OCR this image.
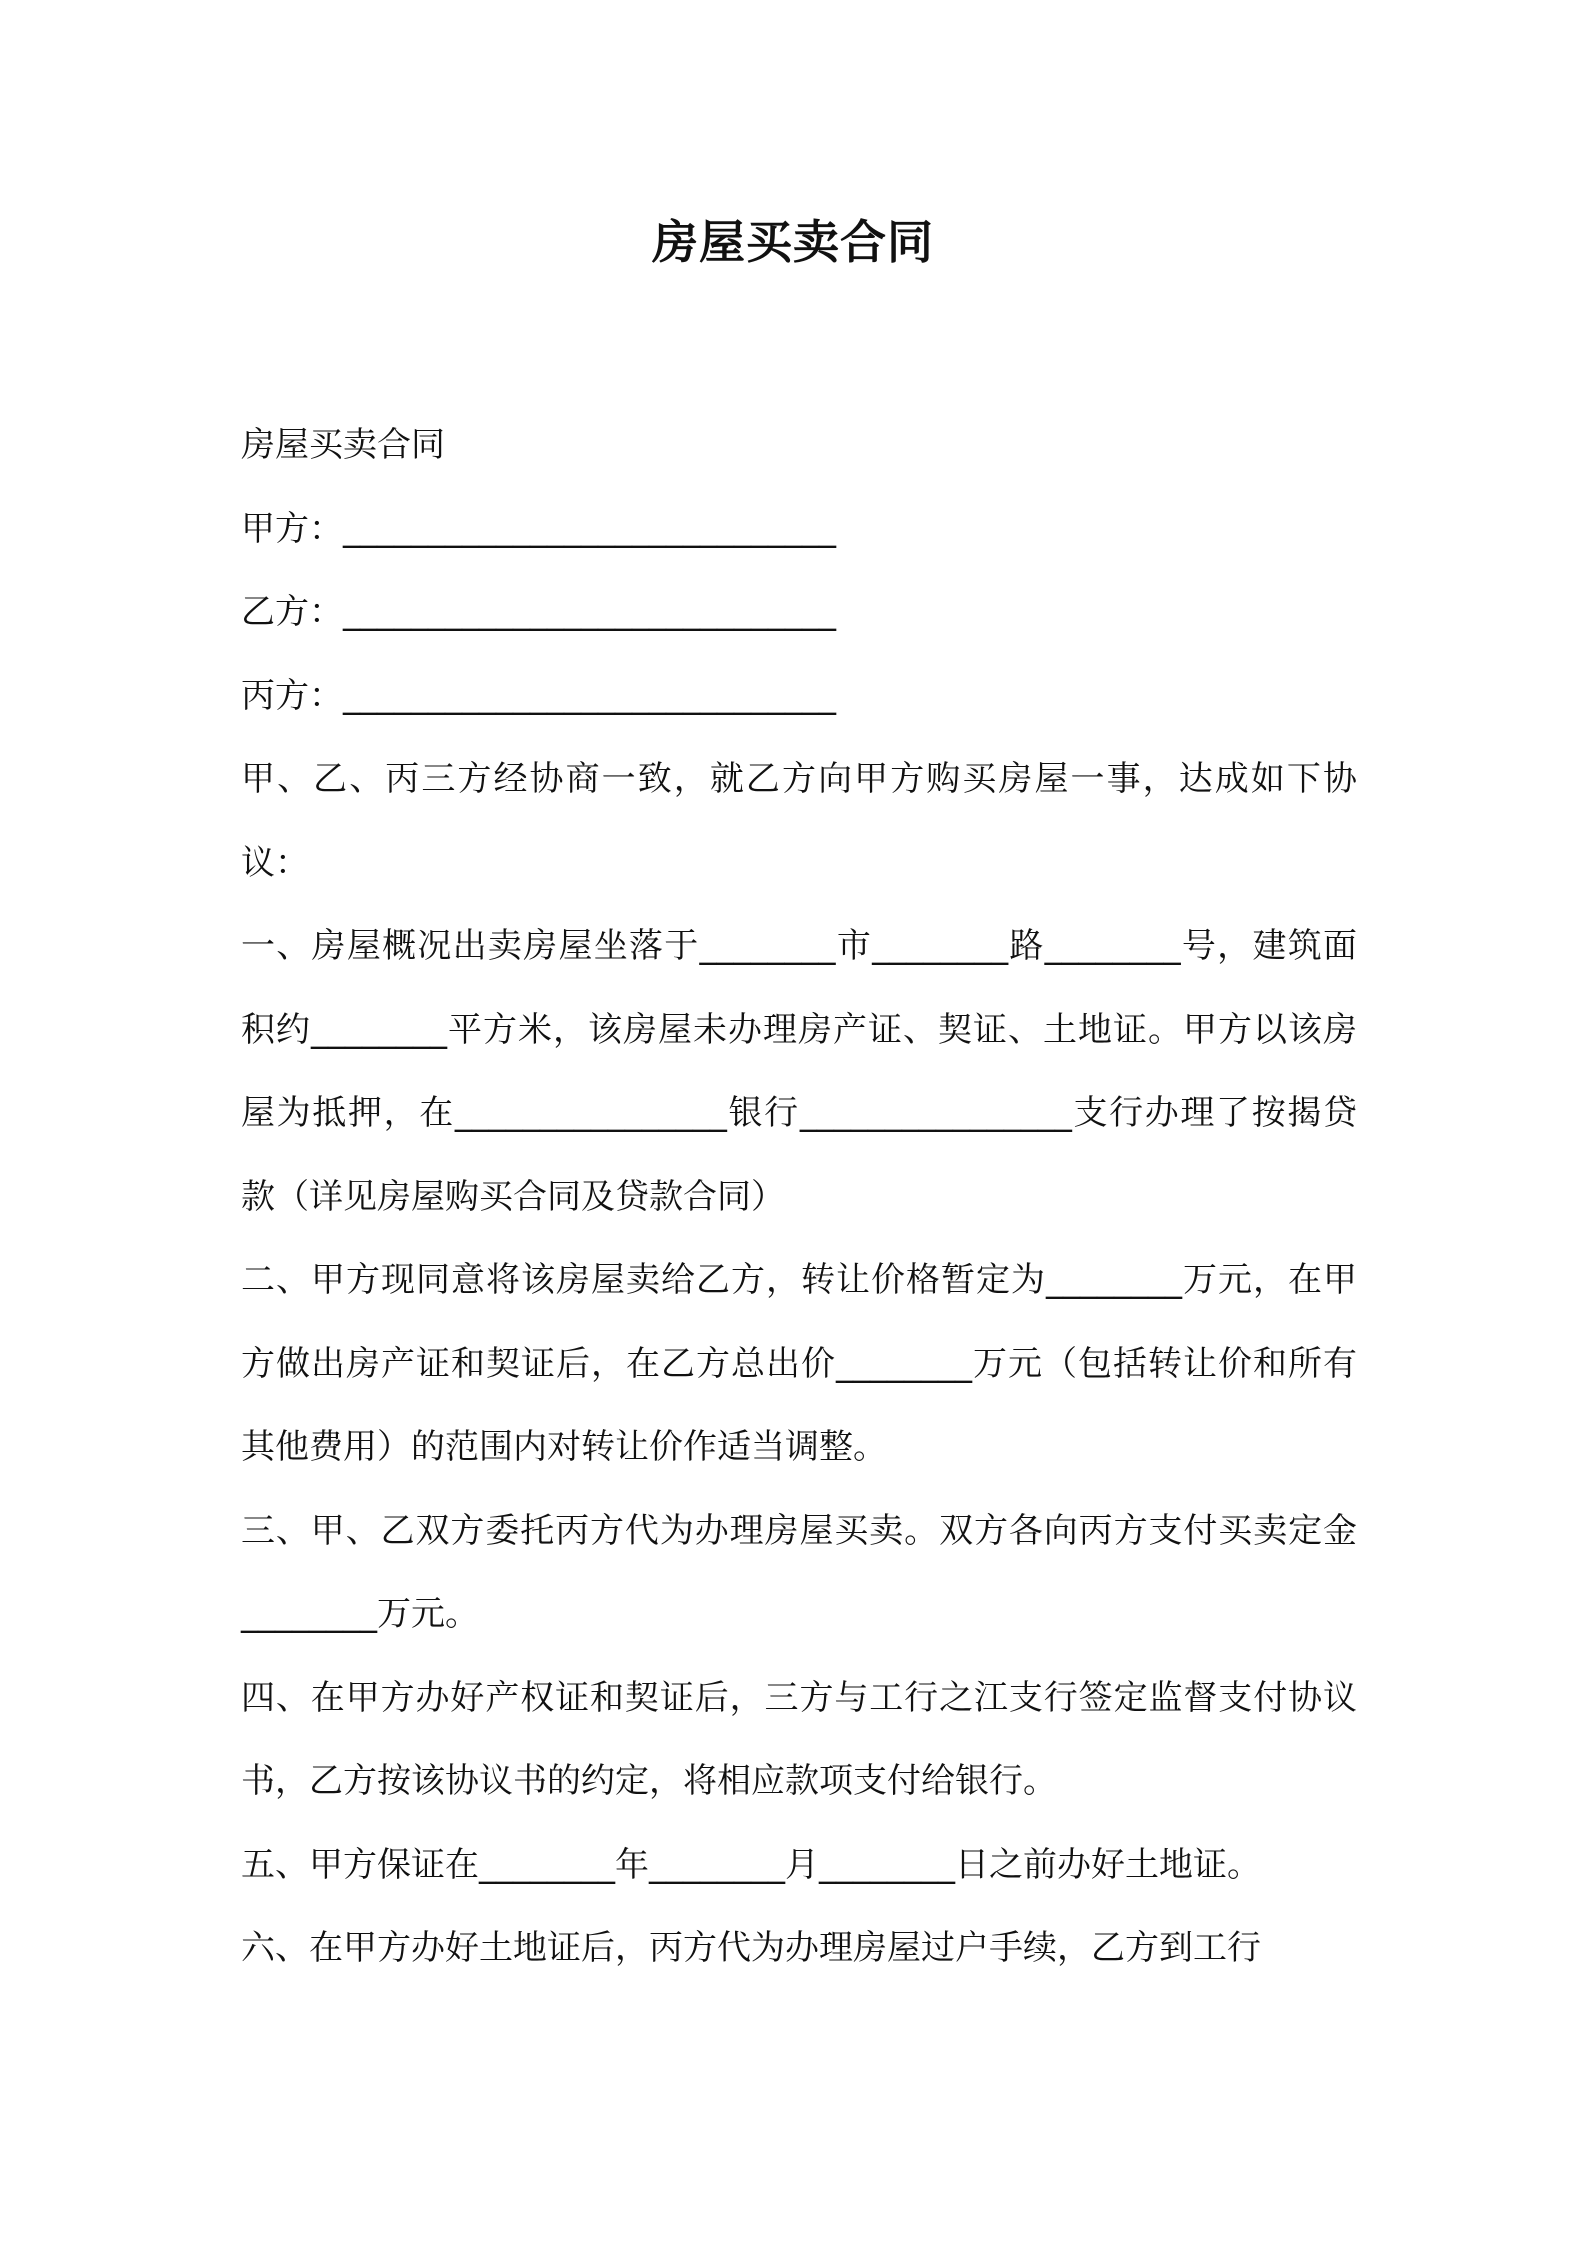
房屋买卖合同

房屋买卖合同

甲方：_____________________________

乙方：_____________________________

丙方：_____________________________

甲、乙、丙三方经协商一致，就乙方向甲方购买房屋一事，达成如下协议：

一、房屋概况出卖房屋坐落于________市________路________号，建筑面积约________平方米，该房屋未办理房产证、契证、土地证。甲方以该房屋为抵押，在________________银行________________支行办理了按揭贷款（详见房屋购买合同及贷款合同）

二、甲方现同意将该房屋卖给乙方，转让价格暂定为________万元，在甲方做出房产证和契证后，在乙方总出价________万元（包括转让价和所有其他费用）的范围内对转让价作适当调整。

三、甲、乙双方委托丙方代为办理房屋买卖。双方各向丙方支付买卖定金________万元。

四、在甲方办好产权证和契证后，三方与工行之江支行签定监督支付协议书，乙方按该协议书的约定，将相应款项支付给银行。

五、甲方保证在________年________月________日之前办好土地证。

六、在甲方办好土地证后，丙方代为办理房屋过户手续，乙方到工行
